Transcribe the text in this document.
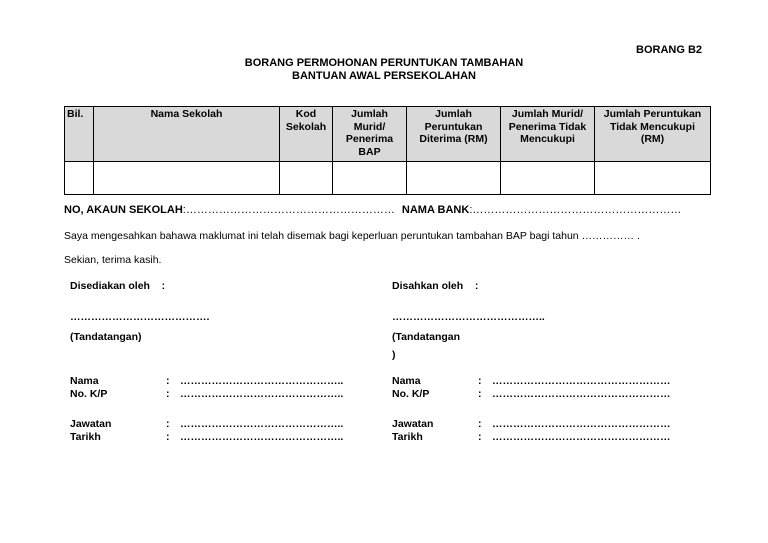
BORANG B2
BORANG PERMOHONAN PERUNTUKAN TAMBAHAN
BANTUAN AWAL PERSEKOLAHAN
Bil.	Nama Sekolah	Kod Sekolah	Jumlah Murid/ Penerima BAP	Jumlah Peruntukan Diterima (RM)	Jumlah Murid/ Penerima Tidak Mencukupi	Jumlah Peruntukan Tidak Mencukupi (RM)

NO, AKAUN SEKOLAH:………………………………………………… NAMA BANK:…………………………………………………
Saya mengesahkan bahawa maklumat ini telah disemak bagi keperluan peruntukan tambahan BAP bagi tahun …………… .
Sekian, terima kasih.
Disediakan oleh    :
………………………………….
(Tandatangan)
Nama	: ………………………………………..
No. K/P	: ………………………………………..
Jawatan	: ………………………………………..
Tarikh	: ………………………………………..
Disahkan oleh    :
……………………………………..
(Tandatangan
)
Nama	: ……………………………………………
No. K/P	: ……………………………………………
Jawatan	: ……………………………………………
Tarikh	: ……………………………………………
